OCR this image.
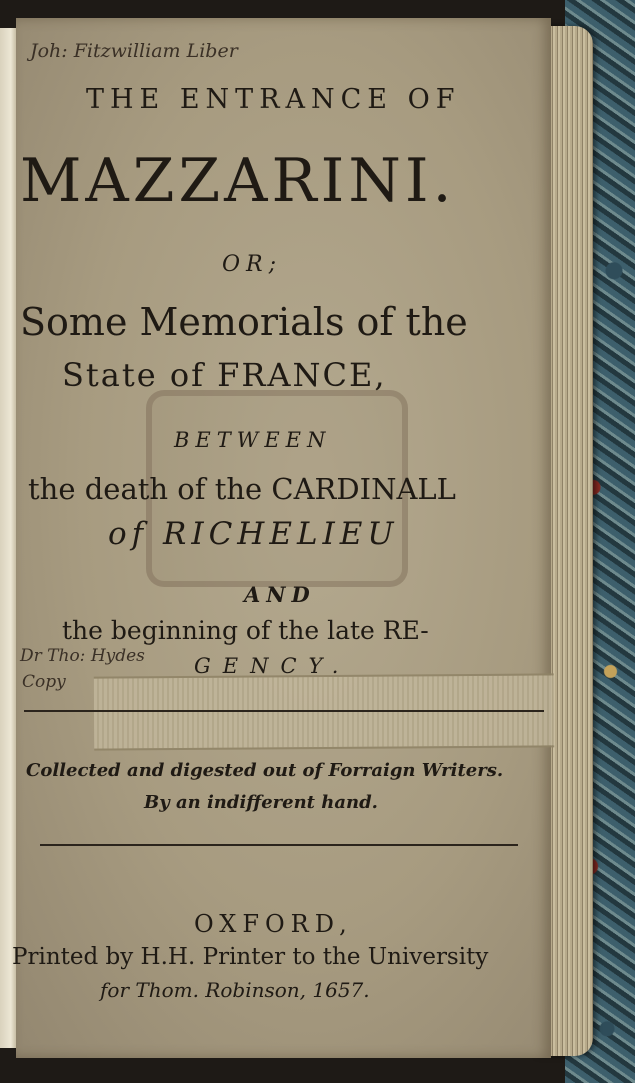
Joh: Fitzwilliam Liber
THE ENTRANCE OF
MAZZARINI.
OR;
Some Memorials of the
State of FRANCE,
BETWEEN
the death of the CARDINALL
of RICHELIEU
AND
the beginning of the late RE-
GENCY.
Dr Tho: Hydes
Copy
Collected and digested out of Forraign Writers.
By an indifferent hand.
OXFORD,
Printed by H.H. Printer to the University
for Thom. Robinson, 1657.
